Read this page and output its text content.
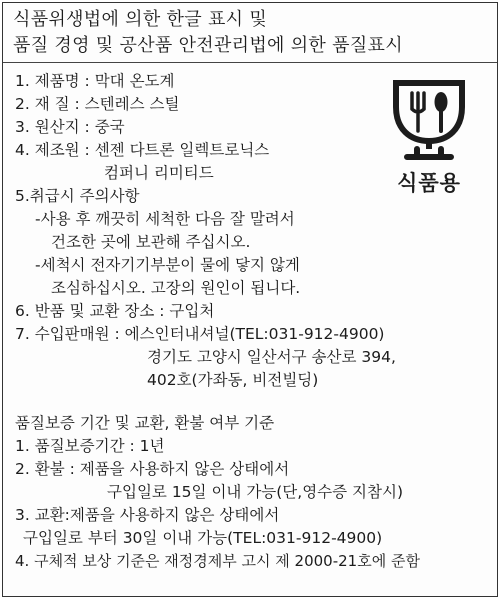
식품위생법에 의한 한글 표시 및
품질 경영 및 공산품 안전관리법에 의한 품질표시
식품용
1. 제품명 : 막대 온도계
2. 재 질 : 스텐레스 스틸
3. 원산지 : 중국
4. 제조원 : 센젠 다트론 일렉트로닉스
컴퍼니 리미티드
5.취급시 주의사항
-사용 후 깨끗히 세척한 다음 잘 말려서
건조한 곳에 보관해 주십시오.
-세척시 전자기기부분이 물에 닿지 않게
조심하십시오. 고장의 원인이 됩니다.
6. 반품 및 교환 장소 : 구입처
7. 수입판매원 : 에스인터내셔널(TEL:031-912-4900)
경기도 고양시 일산서구 송산로 394,
402호(가좌동, 비전빌딩)
품질보증 기간 및 교환, 환불 여부 기준
1. 품질보증기간 : 1년
2. 환불 : 제품을 사용하지 않은 상태에서
구입일로 15일 이내 가능(단,영수증 지참시)
3. 교환:제품을 사용하지 않은 상태에서
구입일로 부터 30일 이내 가능(TEL:031-912-4900)
4. 구체적 보상 기준은 재정경제부 고시 제 2000-21호에 준함
